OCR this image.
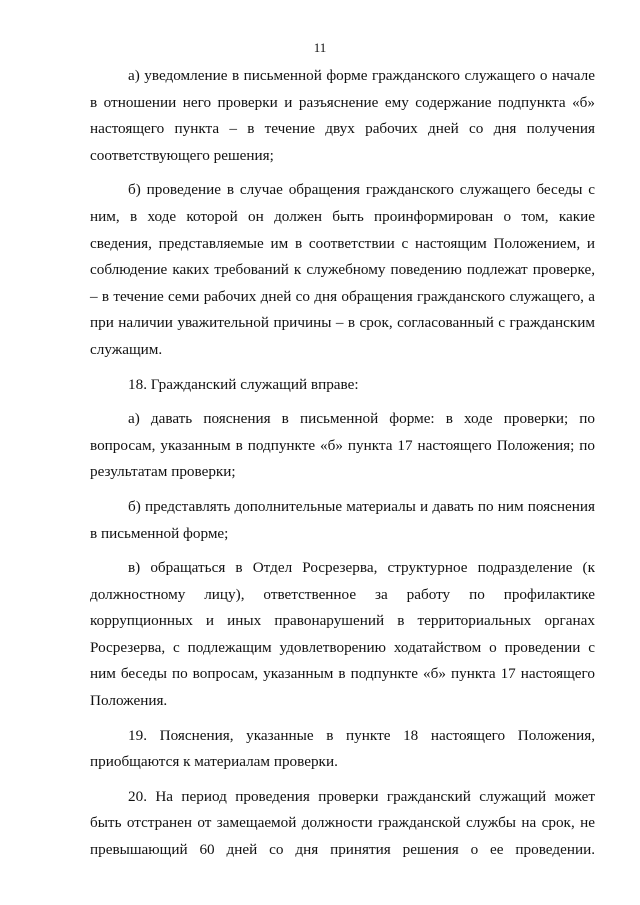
11

а) уведомление в письменной форме гражданского служащего о начале в отношении него проверки и разъяснение ему содержание подпункта «б» настоящего пункта – в течение двух рабочих дней со дня получения соответствующего решения;

б) проведение в случае обращения гражданского служащего беседы с ним, в ходе которой он должен быть проинформирован о том, какие сведения, представляемые им в соответствии с настоящим Положением, и соблюдение каких требований к служебному поведению подлежат проверке, – в течение семи рабочих дней со дня обращения гражданского служащего, а при наличии уважительной причины – в срок, согласованный с гражданским служащим.

18. Гражданский служащий вправе:

а) давать пояснения в письменной форме: в ходе проверки; по вопросам, указанным в подпункте «б» пункта 17 настоящего Положения; по результатам проверки;

б) представлять дополнительные материалы и давать по ним пояснения в письменной форме;

в) обращаться в Отдел Росрезерва, структурное подразделение (к должностному лицу), ответственное за работу по профилактике коррупционных и иных правонарушений в территориальных органах Росрезерва, с подлежащим удовлетворению ходатайством о проведении с ним беседы по вопросам, указанным в подпункте «б» пункта 17 настоящего Положения.

19. Пояснения, указанные в пункте 18 настоящего Положения, приобщаются к материалам проверки.

20. На период проведения проверки гражданский служащий может быть отстранен от замещаемой должности гражданской службы на срок, не превышающий 60 дней со дня принятия решения о ее проведении.
